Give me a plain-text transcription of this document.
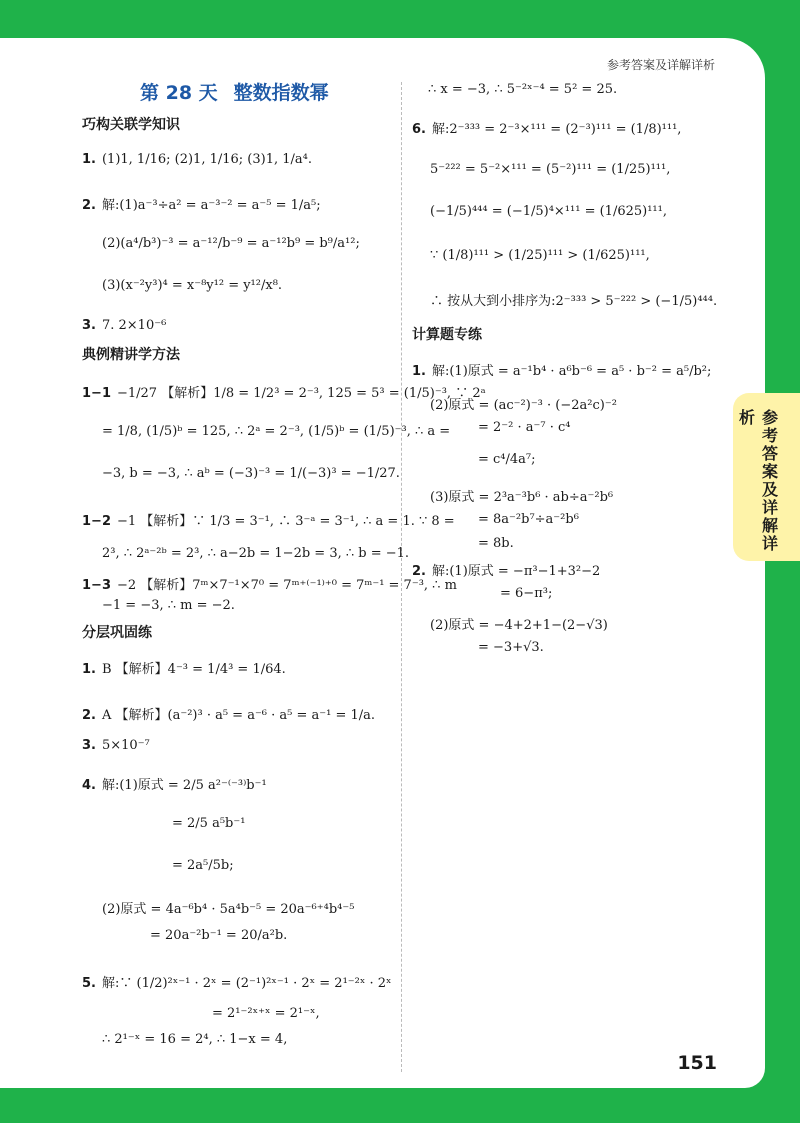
参考答案及详解详析
第 28 天 整数指数幂
巧构关联学知识
1. (1)1, 1/16; (2)1, 1/16; (3)1, 1/a⁴.
2. 解:(1)a⁻³÷a² = a⁻³⁻² = a⁻⁵ = 1/a⁵;
(2)(a⁴/b³)⁻³ = a⁻¹²/b⁻⁹ = a⁻¹²b⁹ = b⁹/a¹²;
(3)(x⁻²y³)⁴ = x⁻⁸y¹² = y¹²/x⁸.
3. 7. 2×10⁻⁶
典例精讲学方法
1−1 −1/27 【解析】1/8 = 1/2³ = 2⁻³, 125 = 5³ = (1/5)⁻³, ∵ 2ᵃ
= 1/8, (1/5)ᵇ = 125, ∴ 2ᵃ = 2⁻³, (1/5)ᵇ = (1/5)⁻³, ∴ a =
−3, b = −3, ∴ aᵇ = (−3)⁻³ = 1/(−3)³ = −1/27.
1−2 −1 【解析】∵ 1/3 = 3⁻¹, ∴ 3⁻ᵃ = 3⁻¹, ∴ a = 1. ∵ 8 =
2³, ∴ 2ᵃ⁻²ᵇ = 2³, ∴ a−2b = 1−2b = 3, ∴ b = −1.
1−3 −2 【解析】7ᵐ×7⁻¹×7⁰ = 7ᵐ⁺⁽⁻¹⁾⁺⁰ = 7ᵐ⁻¹ = 7⁻³, ∴ m
−1 = −3, ∴ m = −2.
分层巩固练
1. B 【解析】4⁻³ = 1/4³ = 1/64.
2. A 【解析】(a⁻²)³ · a⁵ = a⁻⁶ · a⁵ = a⁻¹ = 1/a.
3. 5×10⁻⁷
4. 解:(1)原式 = 2/5 a²⁻⁽⁻³⁾b⁻¹
= 2/5 a⁵b⁻¹
= 2a⁵/5b;
(2)原式 = 4a⁻⁶b⁴ · 5a⁴b⁻⁵ = 20a⁻⁶⁺⁴b⁴⁻⁵
= 20a⁻²b⁻¹ = 20/a²b.
5. 解:∵ (1/2)²ˣ⁻¹ · 2ˣ = (2⁻¹)²ˣ⁻¹ · 2ˣ = 2¹⁻²ˣ · 2ˣ
= 2¹⁻²ˣ⁺ˣ = 2¹⁻ˣ,
∴ 2¹⁻ˣ = 16 = 2⁴, ∴ 1−x = 4,
∴ x = −3, ∴ 5⁻²ˣ⁻⁴ = 5² = 25.
6. 解:2⁻³³³ = 2⁻³×¹¹¹ = (2⁻³)¹¹¹ = (1/8)¹¹¹,
5⁻²²² = 5⁻²×¹¹¹ = (5⁻²)¹¹¹ = (1/25)¹¹¹,
(−1/5)⁴⁴⁴ = (−1/5)⁴×¹¹¹ = (1/625)¹¹¹,
∵ (1/8)¹¹¹ > (1/25)¹¹¹ > (1/625)¹¹¹,
∴ 按从大到小排序为:2⁻³³³ > 5⁻²²² > (−1/5)⁴⁴⁴.
计算题专练
1. 解:(1)原式 = a⁻¹b⁴ · a⁶b⁻⁶ = a⁵ · b⁻² = a⁵/b²;
(2)原式 = (ac⁻²)⁻³ · (−2a²c)⁻²
= 2⁻² · a⁻⁷ · c⁴
= c⁴/4a⁷;
(3)原式 = 2³a⁻³b⁶ · ab÷a⁻²b⁶
= 8a⁻²b⁷÷a⁻²b⁶
= 8b.
2. 解:(1)原式 = −π³−1+3²−2
= 6−π³;
(2)原式 = −4+2+1−(2−√3)
= −3+√3.
151
参考答案及详解详析
